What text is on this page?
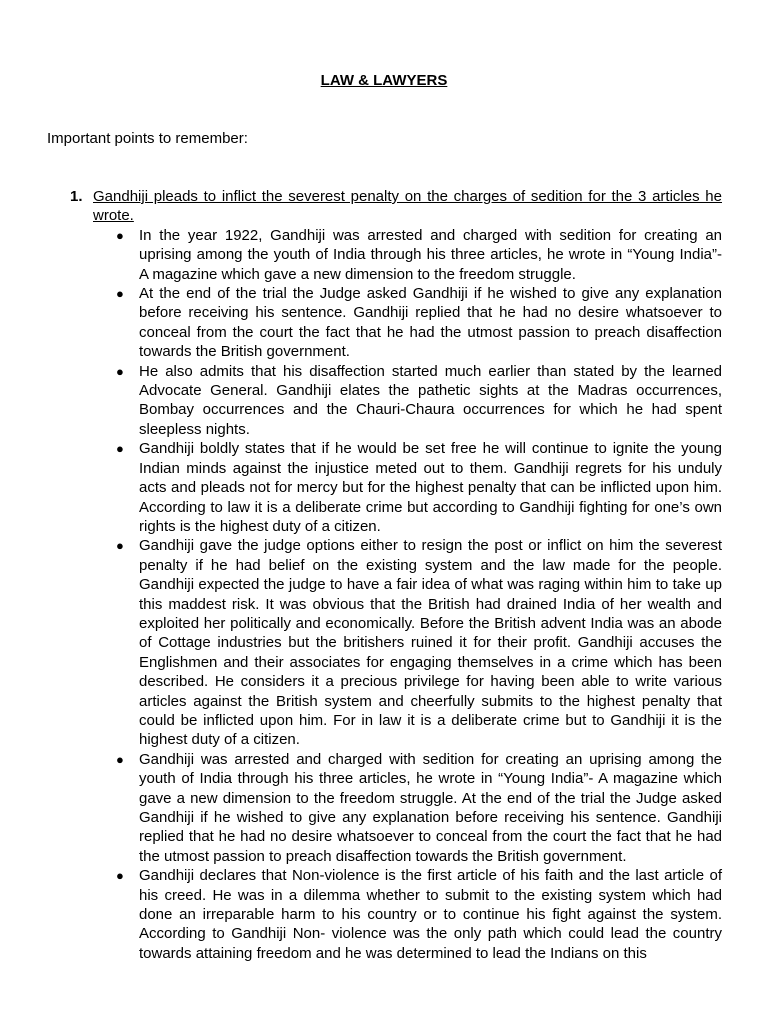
LAW & LAWYERS

Important points to remember:

1. Gandhiji pleads to inflict the severest penalty on the charges of sedition for the 3 articles he wrote.

● In the year 1922, Gandhiji was arrested and charged with sedition for creating an uprising among the youth of India through his three articles, he wrote in “Young India”- A magazine which gave a new dimension to the freedom struggle.
● At the end of the trial the Judge asked Gandhiji if he wished to give any explanation before receiving his sentence. Gandhiji replied that he had no desire whatsoever to conceal from the court the fact that he had the utmost passion to preach disaffection towards the British government.
● He also admits that his disaffection started much earlier than stated by the learned Advocate General. Gandhiji elates the pathetic sights at the Madras occurrences, Bombay occurrences and the Chauri-Chaura occurrences for which he had spent sleepless nights.
● Gandhiji boldly states that if he would be set free he will continue to ignite the young Indian minds against the injustice meted out to them. Gandhiji regrets for his unduly acts and pleads not for mercy but for the highest penalty that can be inflicted upon him. According to law it is a deliberate crime but according to Gandhiji fighting for one’s own rights is the highest duty of a citizen.
● Gandhiji gave the judge options either to resign the post or inflict on him the severest penalty if he had belief on the existing system and the law made for the people. Gandhiji expected the judge to have a fair idea of what was raging within him to take up this maddest risk. It was obvious that the British had drained India of her wealth and exploited her politically and economically. Before the British advent India was an abode of Cottage industries but the britishers ruined it for their profit. Gandhiji accuses the Englishmen and their associates for engaging themselves in a crime which has been described. He considers it a precious privilege for having been able to write various articles against the British system and cheerfully submits to the highest penalty that could be inflicted upon him. For in law it is a deliberate crime but to Gandhiji it is the highest duty of a citizen.
● Gandhiji was arrested and charged with sedition for creating an uprising among the youth of India through his three articles, he wrote in “Young India”- A magazine which gave a new dimension to the freedom struggle. At the end of the trial the Judge asked Gandhiji if he wished to give any explanation before receiving his sentence. Gandhiji replied that he had no desire whatsoever to conceal from the court the fact that he had the utmost passion to preach disaffection towards the British government.
● Gandhiji declares that Non-violence is the first article of his faith and the last article of his creed. He was in a dilemma whether to submit to the existing system which had done an irreparable harm to his country or to continue his fight against the system. According to Gandhiji Non- violence was the only path which could lead the country towards attaining freedom and he was determined to lead the Indians on this
